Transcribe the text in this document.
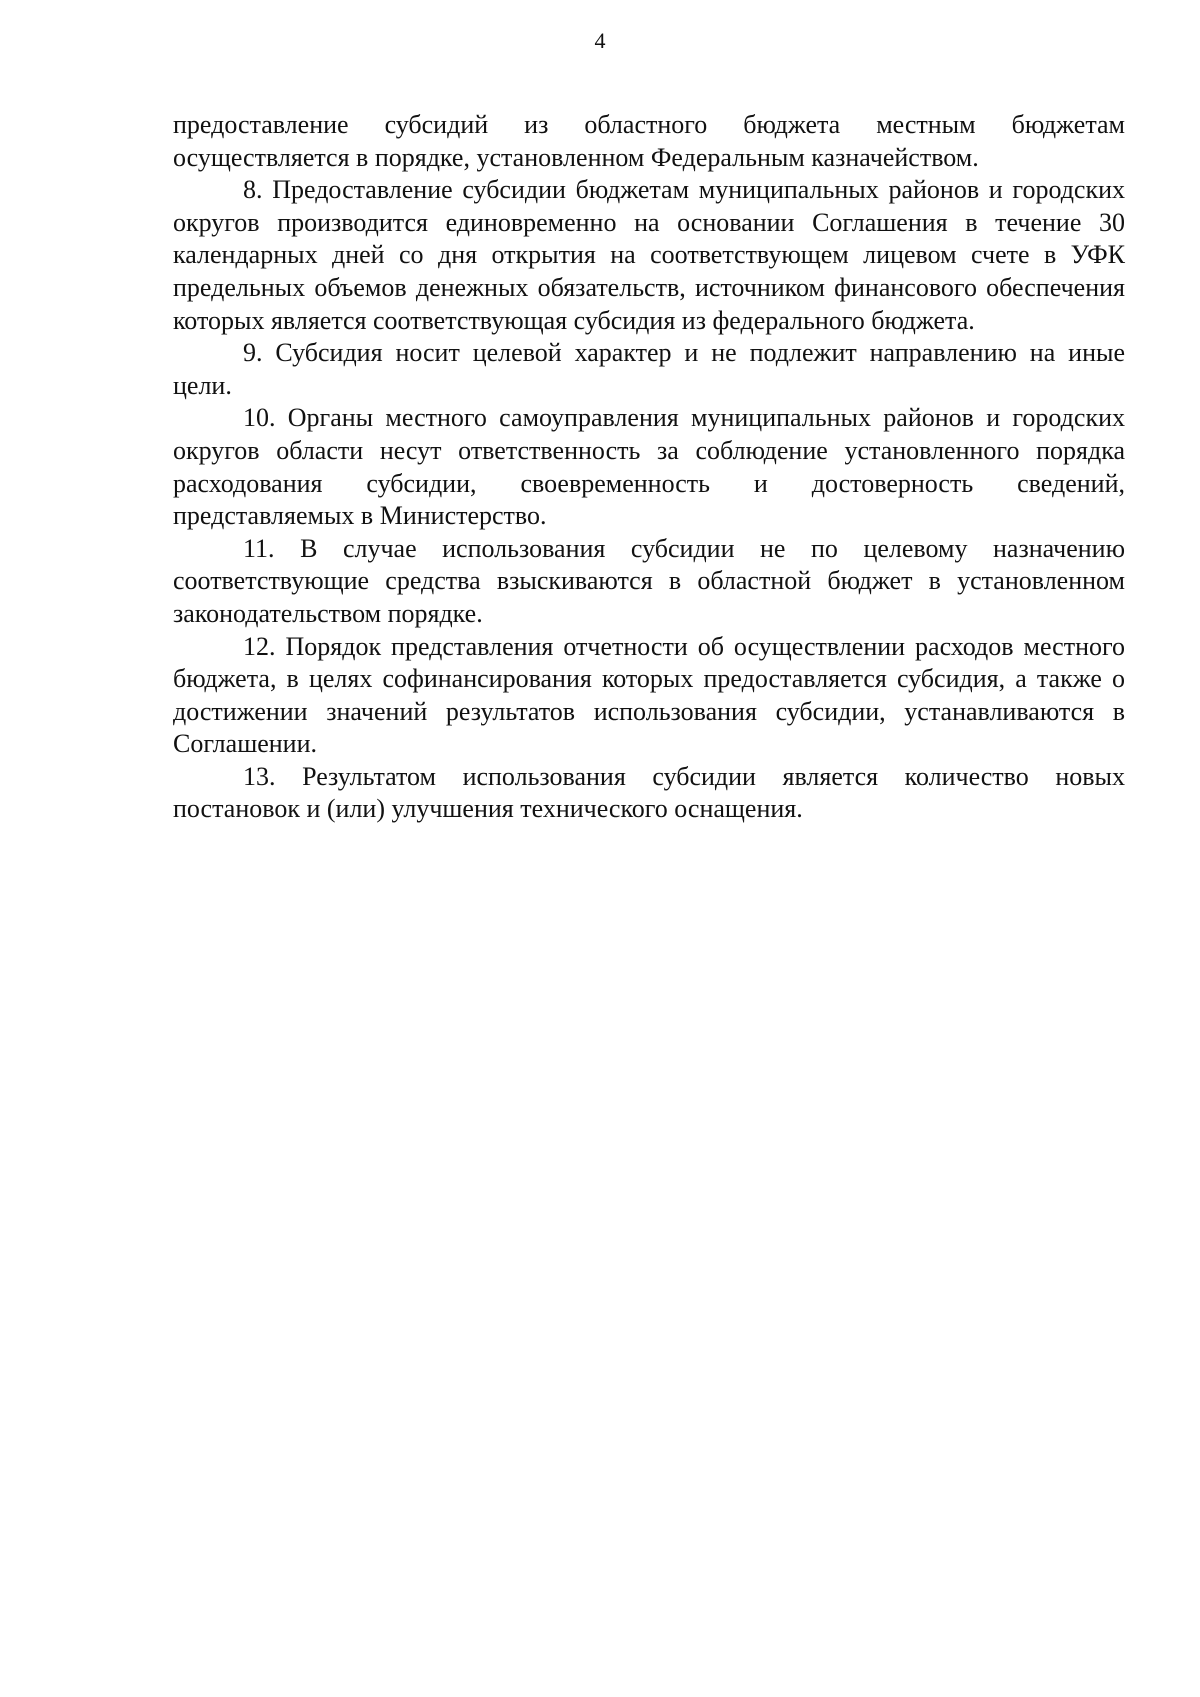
4

предоставление субсидий из областного бюджета местным бюджетам осуществляется в порядке, установленном Федеральным казначейством.

8. Предоставление субсидии бюджетам муниципальных районов и городских округов производится единовременно на основании Соглашения в течение 30 календарных дней со дня открытия на соответствующем лицевом счете в УФК предельных объемов денежных обязательств, источником финансового обеспечения которых является соответствующая субсидия из федерального бюджета.

9. Субсидия носит целевой характер и не подлежит направлению на иные цели.

10. Органы местного самоуправления муниципальных районов и городских округов области несут ответственность за соблюдение установленного порядка расходования субсидии, своевременность и достоверность сведений, представляемых в Министерство.

11. В случае использования субсидии не по целевому назначению соответствующие средства взыскиваются в областной бюджет в установленном законодательством порядке.

12. Порядок представления отчетности об осуществлении расходов местного бюджета, в целях софинансирования которых предоставляется субсидия, а также о достижении значений результатов использования субсидии, устанавливаются в Соглашении.

13. Результатом использования субсидии является количество новых постановок и (или) улучшения технического оснащения.
